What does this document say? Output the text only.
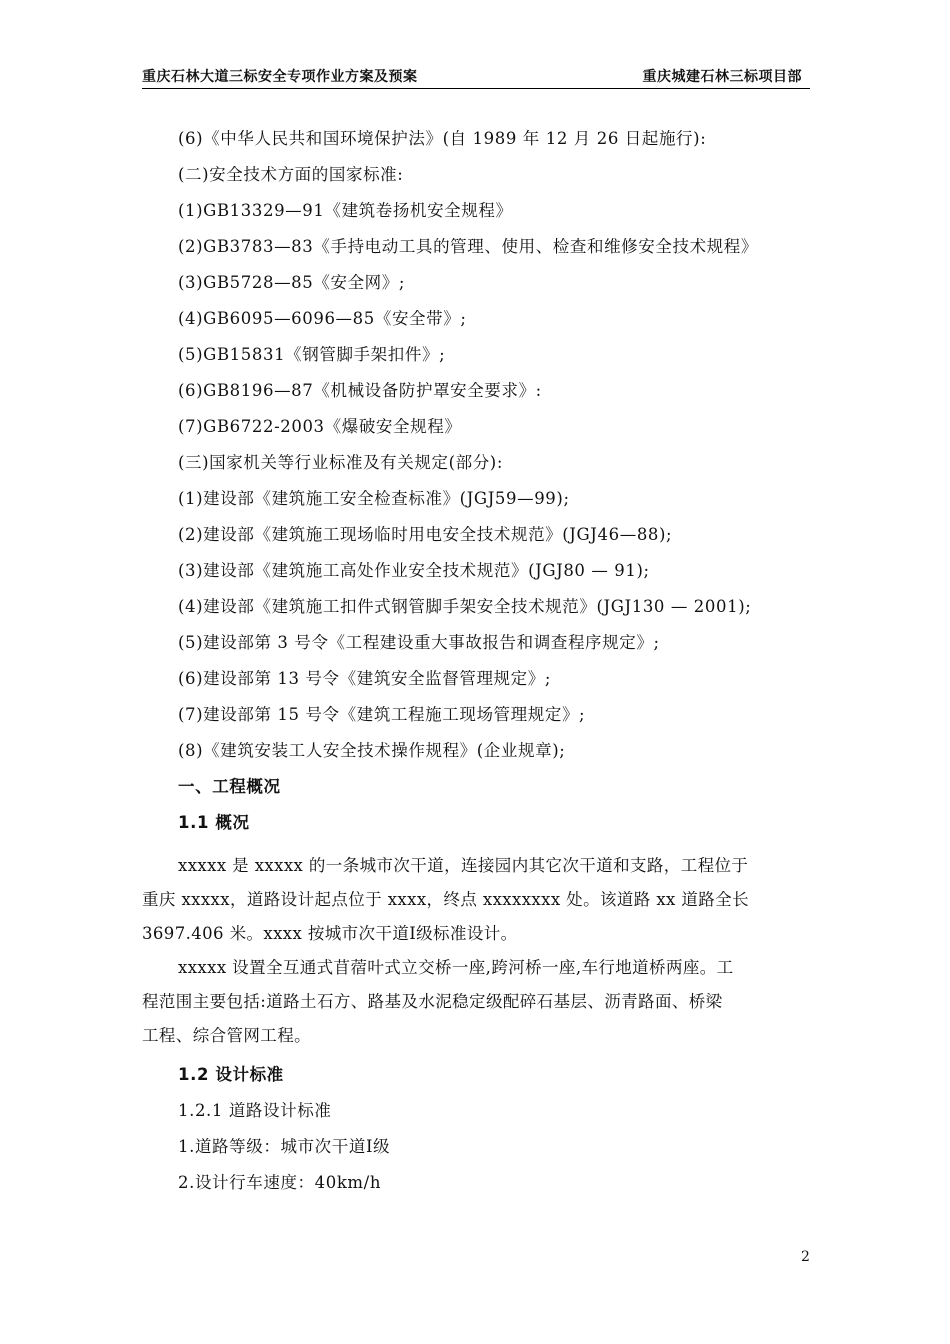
重庆石林大道三标安全专项作业方案及预案	重庆城建石林三标项目部
(6)《中华人民共和国环境保护法》(自 1989 年 12 月 26 日起施行):
(二)安全技术方面的国家标准:
(1)GB13329—91《建筑卷扬机安全规程》
(2)GB3783—83《手持电动工具的管理、使用、检查和维修安全技术规程》
(3)GB5728—85《安全网》;
(4)GB6095—6096—85《安全带》;
(5)GB15831《钢管脚手架扣件》;
(6)GB8196—87《机械设备防护罩安全要求》:
(7)GB6722-2003《爆破安全规程》
(三)国家机关等行业标准及有关规定(部分):
(1)建设部《建筑施工安全检查标准》(JGJ59—99);
(2)建设部《建筑施工现场临时用电安全技术规范》(JGJ46—88);
(3)建设部《建筑施工高处作业安全技术规范》(JGJ80 — 91);
(4)建设部《建筑施工扣件式钢管脚手架安全技术规范》(JGJ130 — 2001);
(5)建设部第 3 号令《工程建设重大事故报告和调查程序规定》;
(6)建设部第 13 号令《建筑安全监督管理规定》;
(7)建设部第 15 号令《建筑工程施工现场管理规定》;
(8)《建筑安装工人安全技术操作规程》(企业规章);
一、工程概况
1.1 概况
xxxxx 是 xxxxx 的一条城市次干道，连接园内其它次干道和支路，工程位于
重庆 xxxxx，道路设计起点位于 xxxx，终点 xxxxxxxx 处。该道路 xx 道路全长
3697.406 米。xxxx 按城市次干道Ⅰ级标准设计。
xxxxx 设置全互通式苜蓿叶式立交桥一座,跨河桥一座,车行地道桥两座。工
程范围主要包括:道路土石方、路基及水泥稳定级配碎石基层、沥青路面、桥梁
工程、综合管网工程。
1.2 设计标准
1.2.1 道路设计标准
1.道路等级：城市次干道Ⅰ级
2.设计行车速度：40km/h
2
